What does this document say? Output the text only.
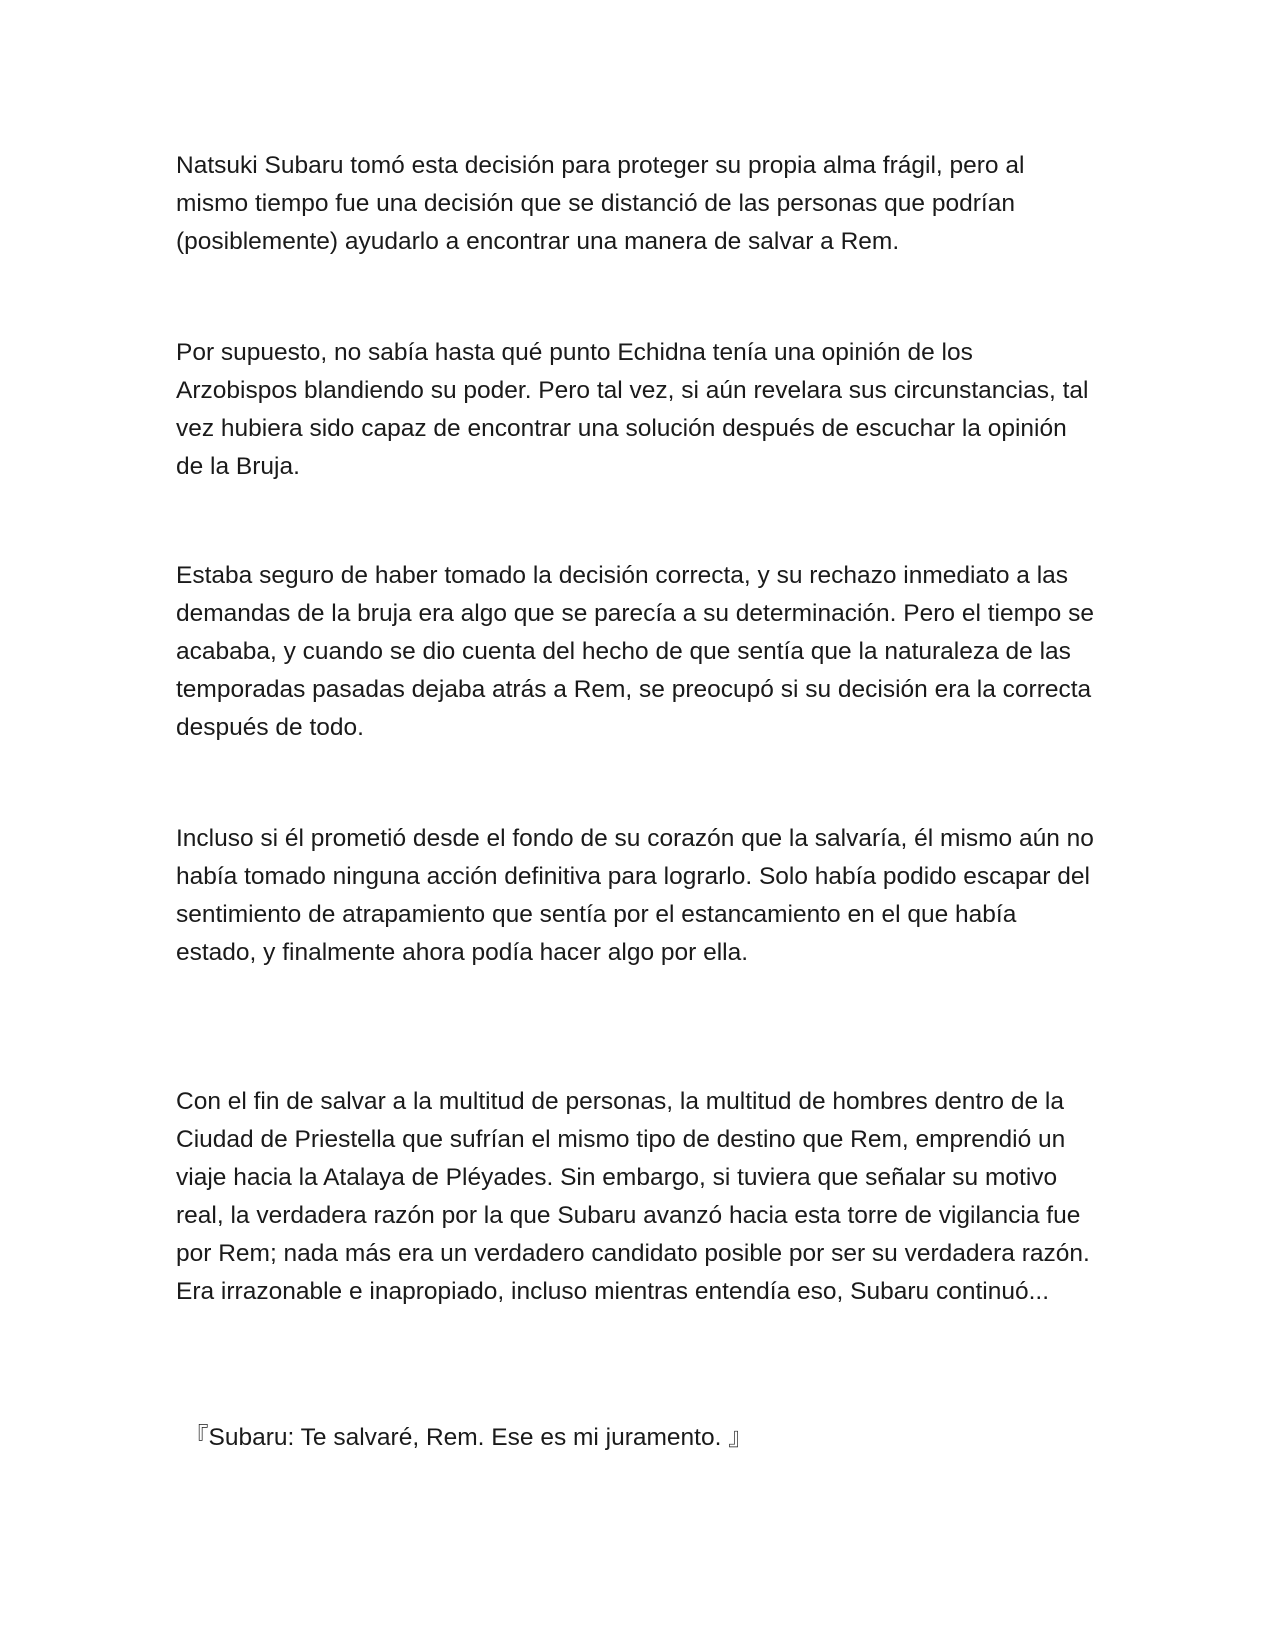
Natsuki Subaru tomó esta decisión para proteger su propia alma frágil, pero al mismo tiempo fue una decisión que se distanció de las personas que podrían (posiblemente) ayudarlo a encontrar una manera de salvar a Rem.

Por supuesto, no sabía hasta qué punto Echidna tenía una opinión de los Arzobispos blandiendo su poder. Pero tal vez, si aún revelara sus circunstancias, tal vez hubiera sido capaz de encontrar una solución después de escuchar la opinión de la Bruja.

Estaba seguro de haber tomado la decisión correcta, y su rechazo inmediato a las demandas de la bruja era algo que se parecía a su determinación. Pero el tiempo se acababa, y cuando se dio cuenta del hecho de que sentía que la naturaleza de las temporadas pasadas dejaba atrás a Rem, se preocupó si su decisión era la correcta después de todo.

Incluso si él prometió desde el fondo de su corazón que la salvaría, él mismo aún no había tomado ninguna acción definitiva para lograrlo. Solo había podido escapar del sentimiento de atrapamiento que sentía por el estancamiento en el que había estado, y finalmente ahora podía hacer algo por ella.

Con el fin de salvar a la multitud de personas, la multitud de hombres dentro de la Ciudad de Priestella que sufrían el mismo tipo de destino que Rem, emprendió un viaje hacia la Atalaya de Pléyades. Sin embargo, si tuviera que señalar su motivo real, la verdadera razón por la que Subaru avanzó hacia esta torre de vigilancia fue por Rem; nada más era un verdadero candidato posible por ser su verdadera razón. Era irrazonable e inapropiado, incluso mientras entendía eso, Subaru continuó...

『Subaru: Te salvaré, Rem. Ese es mi juramento. 』
